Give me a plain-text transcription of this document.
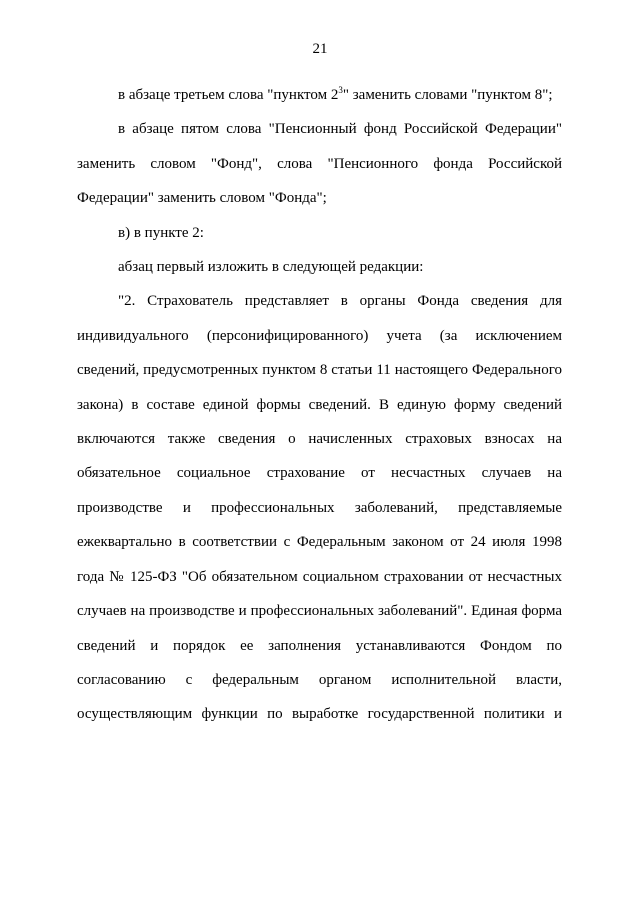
21

в абзаце третьем слова "пунктом $2^3$" заменить словами "пунктом 8";

в абзаце пятом слова "Пенсионный фонд Российской Федерации" заменить словом "Фонд", слова "Пенсионного фонда Российской Федерации" заменить словом "Фонда";

в) в пункте 2:

абзац первый изложить в следующей редакции:

"2. Страхователь представляет в органы Фонда сведения для индивидуального (персонифицированного) учета (за исключением сведений, предусмотренных пунктом 8 статьи 11 настоящего Федерального закона) в составе единой формы сведений. В единую форму сведений включаются также сведения о начисленных страховых взносах на обязательное социальное страхование от несчастных случаев на производстве и профессиональных заболеваний, представляемые ежеквартально в соответствии с Федеральным законом от 24 июля 1998 года № 125-ФЗ "Об обязательном социальном страховании от несчастных случаев на производстве и профессиональных заболеваний". Единая форма сведений и порядок ее заполнения устанавливаются Фондом по согласованию с федеральным органом исполнительной власти, осуществляющим функции по выработке государственной политики и
